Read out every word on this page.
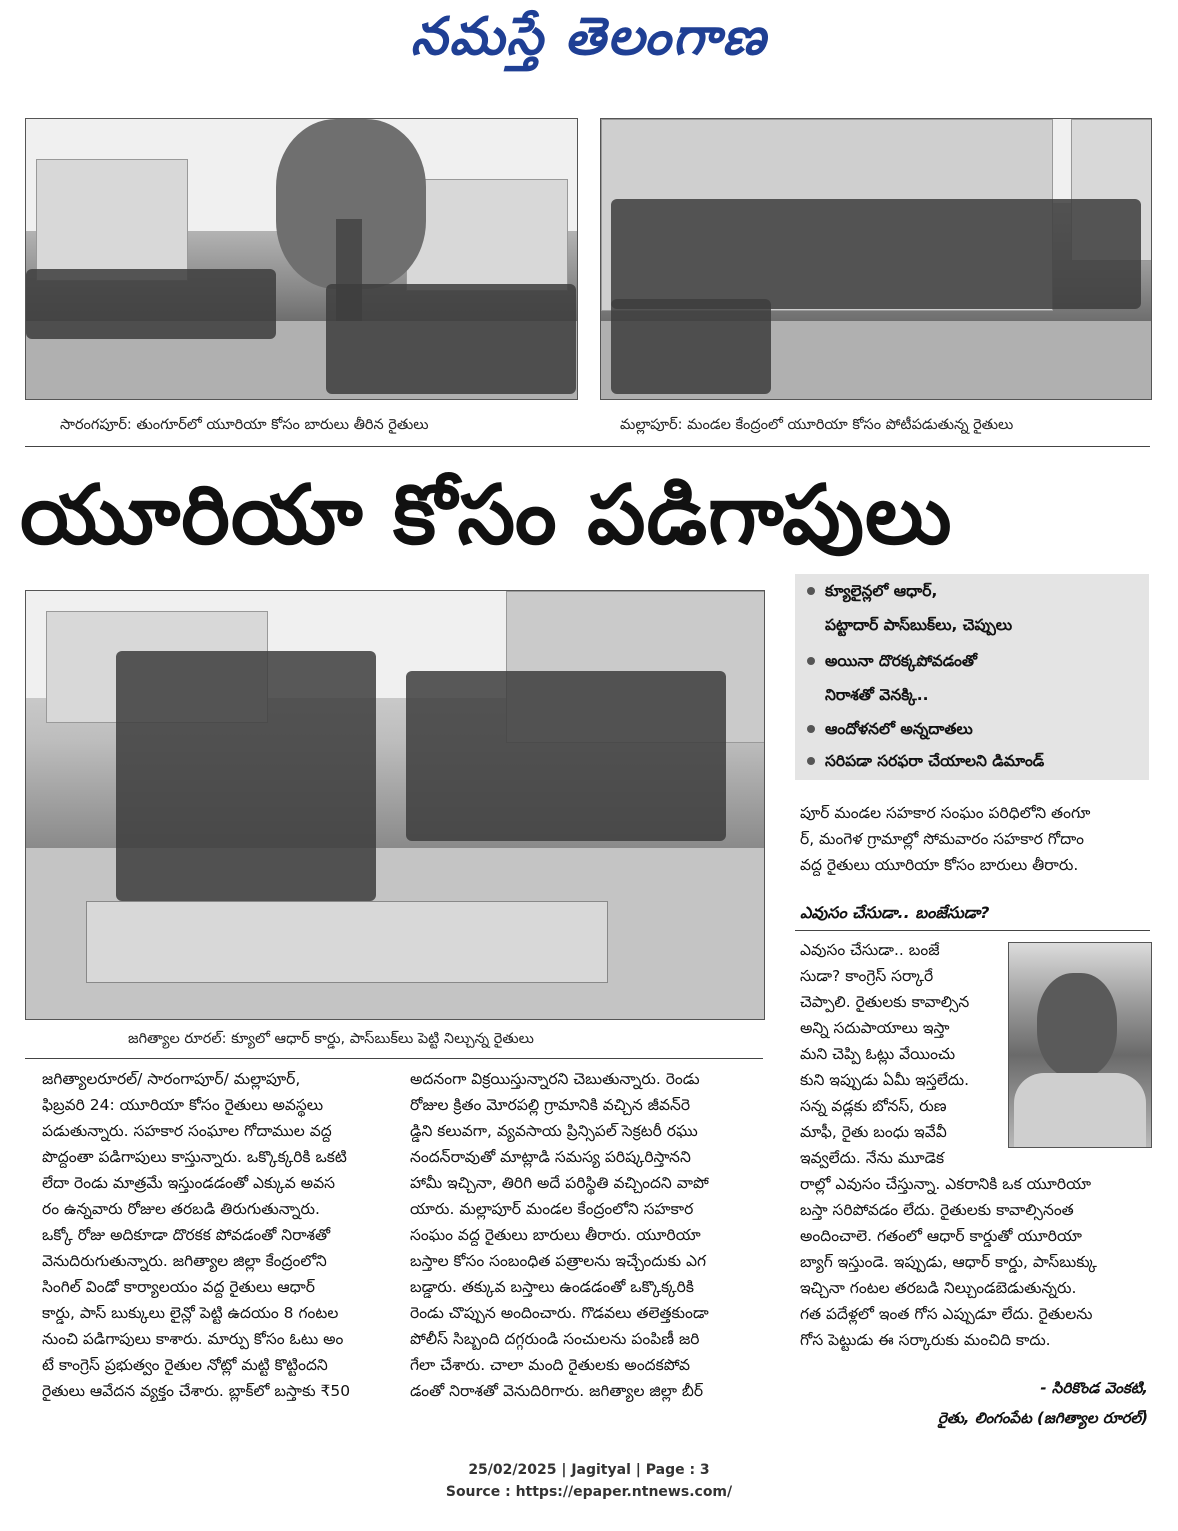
నమస్తే తెలంగాణ
సారంగపూర్: తుంగూర్‌లో యూరియా కోసం బారులు తీరిన రైతులు	మల్లాపూర్: మండల కేంద్రంలో యూరియా కోసం పోటీపడుతున్న రైతులు
యూరియా కోసం పడిగాపులు
జగిత్యాల రూరల్: క్యూలో ఆధార్ కార్డు, పాస్‌బుక్‌లు పెట్టి నిల్చున్న రైతులు
క్యూలైన్లలో ఆధార్,
పట్టాదార్ పాస్‌బుక్‌లు, చెప్పులు
అయినా దొరక్కపోవడంతో
నిరాశతో వెనక్కి..
ఆందోళనలో అన్నదాతలు
సరిపడా సరఫరా చేయాలని డిమాండ్

పూర్ మండల సహకార సంఘం పరిధిలోని తంగూ

ర్, మంగెళ గ్రామాల్లో సోమవారం సహకార గోదాం

వద్ద రైతులు యూరియా కోసం బారులు తీరారు.

ఎవుసం చేసుడా.. బంజేసుడా?

ఎవుసం చేసుడా.. బంజే

సుడా? కాంగ్రెస్ సర్కారే

చెప్పాలి. రైతులకు కావాల్సిన

అన్ని సదుపాయాలు ఇస్తా

మని చెప్పి ఓట్లు వేయించు

కుని ఇప్పుడు ఏమీ ఇస్తలేదు.

సన్న వడ్లకు బోనస్, రుణ

మాఫీ, రైతు బంధు ఇవేవీ

ఇవ్వలేదు. నేను మూడెక

రాల్లో ఎవుసం చేస్తున్నా. ఎకరానికి ఒక యూరియా

బస్తా సరిపోవడం లేదు. రైతులకు కావాల్సినంత

అందించాలె. గతంలో ఆధార్ కార్డుతో యూరియా

బ్యాగ్ ఇస్తుండె. ఇప్పుడు, ఆధార్ కార్డు, పాస్‌బుక్కు

ఇచ్చినా గంటల తరబడి నిల్చుండబెడుతున్నరు.

గత పదేళ్లలో ఇంత గోస ఎప్పుడూ లేదు. రైతులను

గోస పెట్టుడు ఈ సర్కారుకు మంచిది కాదు.

- సిరికొండ వెంకటి,
రైతు, లింగంపేట (జగిత్యాల రూరల్)

జగిత్యాలరూరల్/ సారంగాపూర్/ మల్లాపూర్,

ఫిబ్రవరి 24: యూరియా కోసం రైతులు అవస్థలు

పడుతున్నారు. సహకార సంఘాల గోదాముల వద్ద

పొద్దంతా పడిగాపులు కాస్తున్నారు. ఒక్కొక్కరికి ఒకటి

లేదా రెండు మాత్రమే ఇస్తుండడంతో ఎక్కువ అవస

రం ఉన్నవారు రోజుల తరబడి తిరుగుతున్నారు.

ఒక్కో రోజు అదికూడా దొరకక పోవడంతో నిరాశతో

వెనుదిరుగుతున్నారు. జగిత్యాల జిల్లా కేంద్రంలోని

సింగిల్ విండో కార్యాలయం వద్ద రైతులు ఆధార్

కార్డు, పాస్ బుక్కులు లైన్లో పెట్టి ఉదయం 8 గంటల

నుంచి పడిగాపులు కాశారు. మార్పు కోసం ఓటు అం

టే కాంగ్రెస్ ప్రభుత్వం రైతుల నోట్లో మట్టి కొట్టిందని

రైతులు ఆవేదన వ్యక్తం చేశారు. బ్లాక్‌లో బస్తాకు ₹50

అదనంగా విక్రయిస్తున్నారని చెబుతున్నారు. రెండు

రోజుల క్రితం మోరపల్లి గ్రామానికి వచ్చిన జీవన్‌రె

డ్డిని కలువగా, వ్యవసాయ ప్రిన్సిపల్ సెక్రటరీ రఘు

నందన్‌రావుతో మాట్లాడి సమస్య పరిష్కరిస్తానని

హామీ ఇచ్చినా, తిరిగి అదే పరిస్థితి వచ్చిందని వాపో

యారు. మల్లాపూర్ మండల కేంద్రంలోని సహకార

సంఘం వద్ద రైతులు బారులు తీరారు. యూరియా

బస్తాల కోసం సంబంధిత పత్రాలను ఇచ్చేందుకు ఎగ

బడ్డారు. తక్కువ బస్తాలు ఉండడంతో ఒక్కొక్కరికి

రెండు చొప్పున అందించారు. గొడవలు తలెత్తకుండా

పోలీస్ సిబ్బంది దగ్గరుండి సంచులను పంపిణీ జరి

గేలా చేశారు. చాలా మంది రైతులకు అందకపోవ

డంతో నిరాశతో వెనుదిరిగారు. జగిత్యాల జిల్లా బీర్

25/02/2025 | Jagityal | Page : 3
Source : https://epaper.ntnews.com/
